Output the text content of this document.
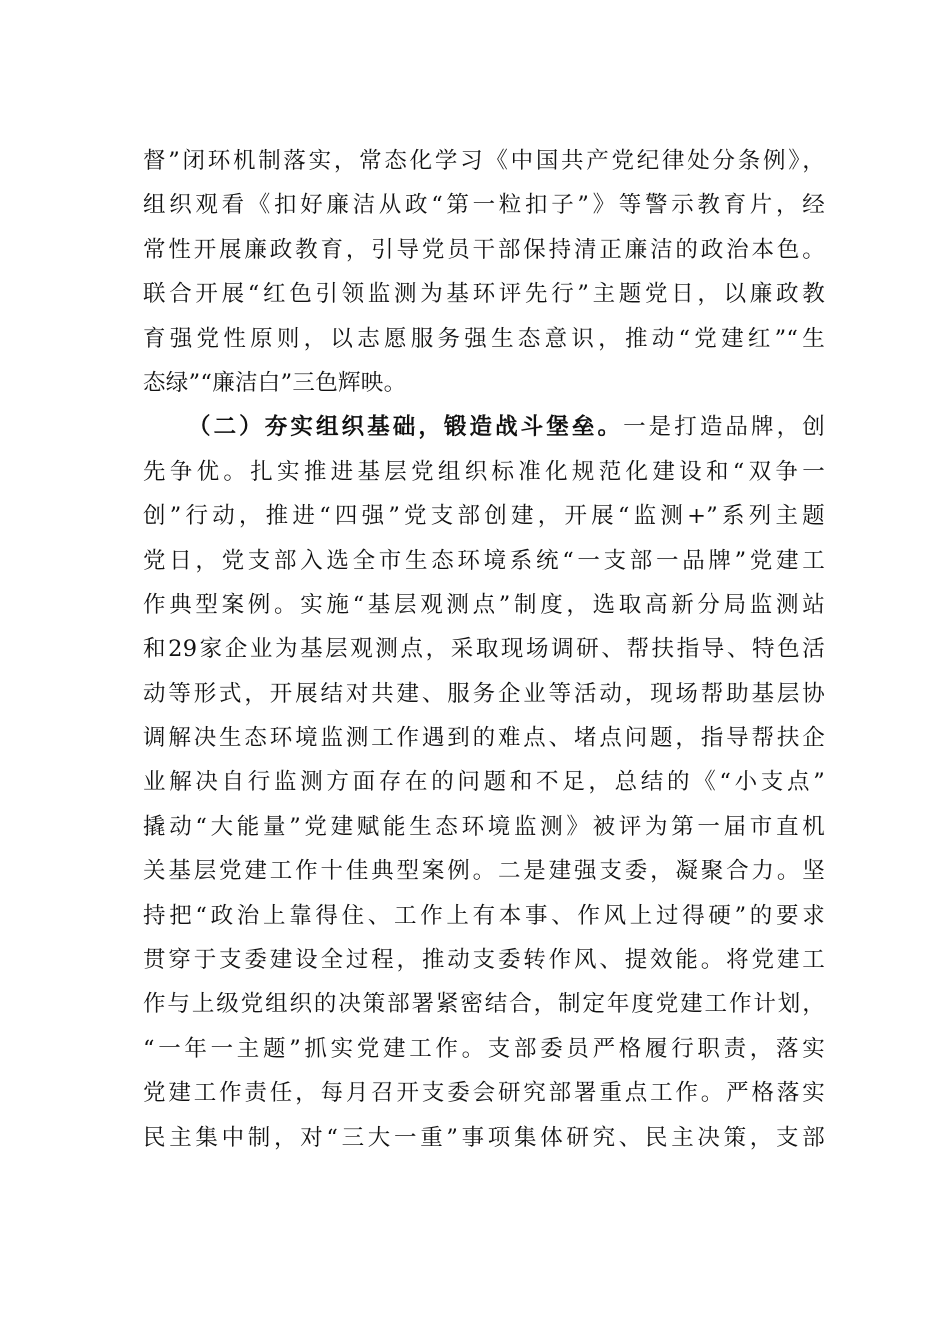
督”闭环机制落实，常态化学习《中国共产党纪律处分条例》，
组织观看《扣好廉洁从政“第一粒扣子”》等警示教育片，经
常性开展廉政教育，引导党员干部保持清正廉洁的政治本色。
联合开展“红色引领监测为基环评先行”主题党日，以廉政教
育强党性原则，以志愿服务强生态意识，推动“党建红”“生
态绿”“廉洁白”三色辉映。
（二）夯实组织基础，锻造战斗堡垒。一是打造品牌，创
先争优。扎实推进基层党组织标准化规范化建设和“双争一
创”行动，推进“四强”党支部创建，开展“监测+”系列主题
党日，党支部入选全市生态环境系统“一支部一品牌”党建工
作典型案例。实施“基层观测点”制度，选取高新分局监测站
和29家企业为基层观测点，采取现场调研、帮扶指导、特色活
动等形式，开展结对共建、服务企业等活动，现场帮助基层协
调解决生态环境监测工作遇到的难点、堵点问题，指导帮扶企
业解决自行监测方面存在的问题和不足，总结的《“小支点”
撬动“大能量”党建赋能生态环境监测》被评为第一届市直机
关基层党建工作十佳典型案例。二是建强支委，凝聚合力。坚
持把“政治上靠得住、工作上有本事、作风上过得硬”的要求
贯穿于支委建设全过程，推动支委转作风、提效能。将党建工
作与上级党组织的决策部署紧密结合，制定年度党建工作计划，
“一年一主题”抓实党建工作。支部委员严格履行职责，落实
党建工作责任，每月召开支委会研究部署重点工作。严格落实
民主集中制，对“三大一重”事项集体研究、民主决策，支部
